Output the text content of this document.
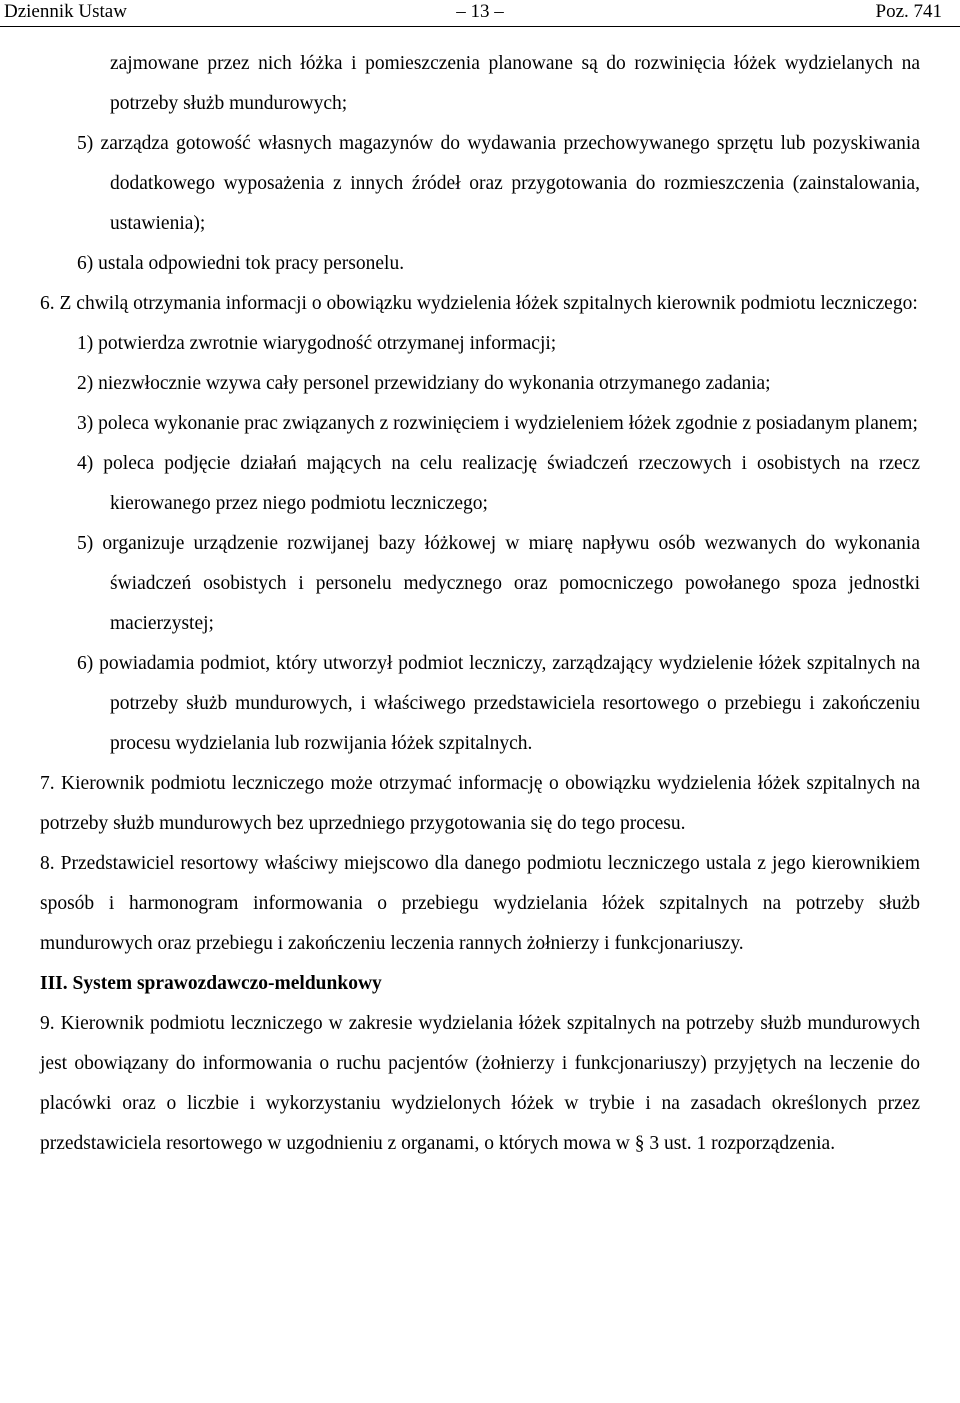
Dziennik Ustaw	– 13 –	Poz. 741

zajmowane przez nich łóżka i pomieszczenia planowane są do rozwinięcia łóżek wydzielanych na potrzeby służb mundurowych;

5) zarządza gotowość własnych magazynów do wydawania przechowywanego sprzętu lub pozyskiwania dodatkowego wyposażenia z innych źródeł oraz przygotowania do rozmieszczenia (zainstalowania, ustawienia);

6) ustala odpowiedni tok pracy personelu.

6. Z chwilą otrzymania informacji o obowiązku wydzielenia łóżek szpitalnych kierownik podmiotu leczniczego:

1) potwierdza zwrotnie wiarygodność otrzymanej informacji;

2) niezwłocznie wzywa cały personel przewidziany do wykonania otrzymanego zadania;

3) poleca wykonanie prac związanych z rozwinięciem i wydzieleniem łóżek zgodnie z posiadanym planem;

4) poleca podjęcie działań mających na celu realizację świadczeń rzeczowych i osobistych na rzecz kierowanego przez niego podmiotu leczniczego;

5) organizuje urządzenie rozwijanej bazy łóżkowej w miarę napływu osób wezwanych do wykonania świadczeń osobistych i personelu medycznego oraz pomocniczego powołanego spoza jednostki macierzystej;

6) powiadamia podmiot, który utworzył podmiot leczniczy, zarządzający wydzielenie łóżek szpitalnych na potrzeby służb mundurowych, i właściwego przedstawiciela resortowego o przebiegu i zakończeniu procesu wydzielania lub rozwijania łóżek szpitalnych.

7. Kierownik podmiotu leczniczego może otrzymać informację o obowiązku wydzielenia łóżek szpitalnych na potrzeby służb mundurowych bez uprzedniego przygotowania się do tego procesu.

8. Przedstawiciel resortowy właściwy miejscowo dla danego podmiotu leczniczego ustala z jego kierownikiem sposób i harmonogram informowania o przebiegu wydzielania łóżek szpitalnych na potrzeby służb mundurowych oraz przebiegu i zakończeniu leczenia rannych żołnierzy i funkcjonariuszy.

III. System sprawozdawczo-meldunkowy

9. Kierownik podmiotu leczniczego w zakresie wydzielania łóżek szpitalnych na potrzeby służb mundurowych jest obowiązany do informowania o ruchu pacjentów (żołnierzy i funkcjonariuszy) przyjętych na leczenie do placówki oraz o liczbie i wykorzystaniu wydzielonych łóżek w trybie i na zasadach określonych przez przedstawiciela resortowego w uzgodnieniu z organami, o których mowa w § 3 ust. 1 rozporządzenia.
